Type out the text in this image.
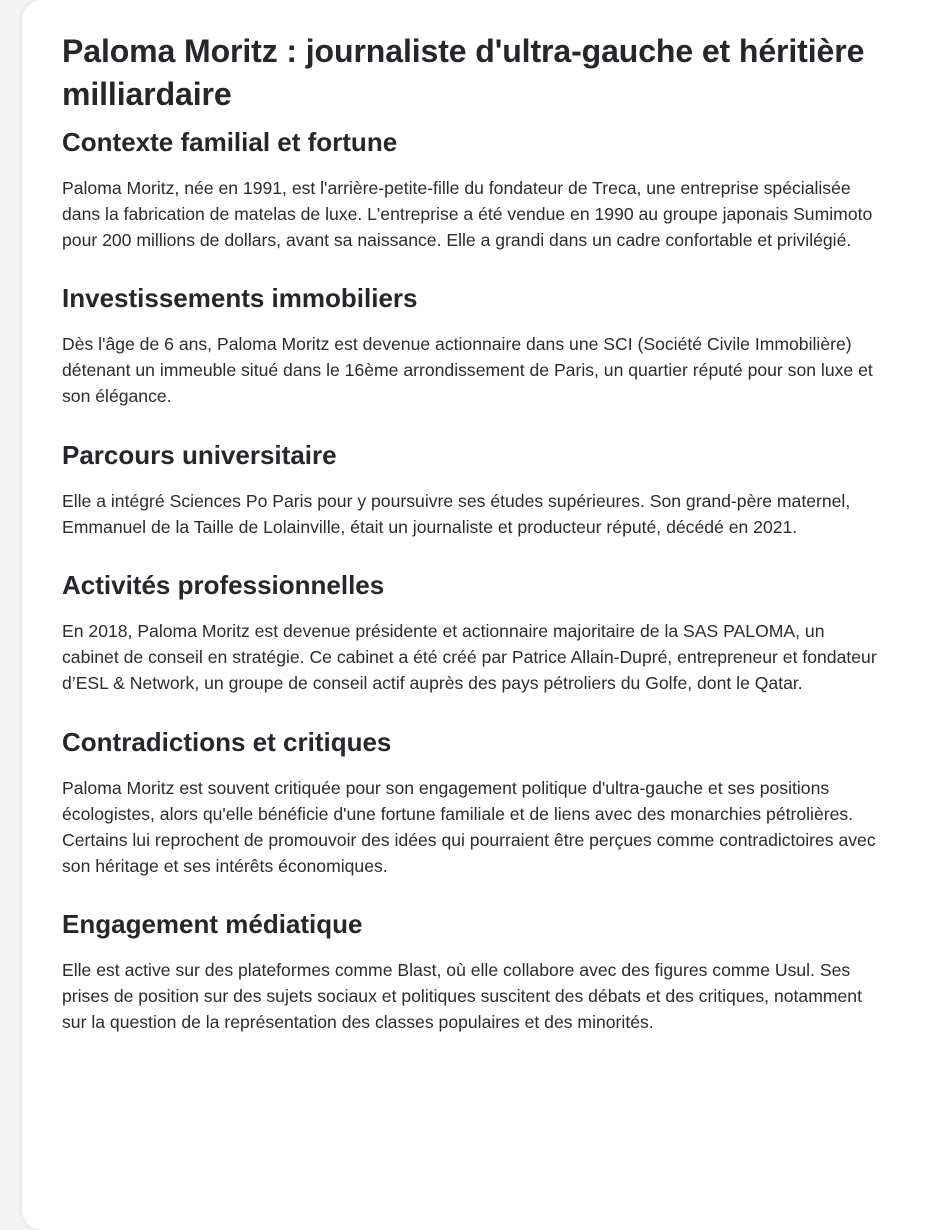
Paloma Moritz : journaliste d'ultra-gauche et héritière milliardaire
Contexte familial et fortune

Paloma Moritz, née en 1991, est l'arrière-petite-fille du fondateur de Treca, une entreprise spécialisée dans la fabrication de matelas de luxe. L'entreprise a été vendue en 1990 au groupe japonais Sumimoto pour 200 millions de dollars, avant sa naissance. Elle a grandi dans un cadre confortable et privilégié.

Investissements immobiliers

Dès l'âge de 6 ans, Paloma Moritz est devenue actionnaire dans une SCI (Société Civile Immobilière) détenant un immeuble situé dans le 16ème arrondissement de Paris, un quartier réputé pour son luxe et son élégance.

Parcours universitaire

Elle a intégré Sciences Po Paris pour y poursuivre ses études supérieures. Son grand-père maternel, Emmanuel de la Taille de Lolainville, était un journaliste et producteur réputé, décédé en 2021.

Activités professionnelles

En 2018, Paloma Moritz est devenue présidente et actionnaire majoritaire de la SAS PALOMA, un cabinet de conseil en stratégie. Ce cabinet a été créé par Patrice Allain-Dupré, entrepreneur et fondateur d’ESL & Network, un groupe de conseil actif auprès des pays pétroliers du Golfe, dont le Qatar.

Contradictions et critiques

Paloma Moritz est souvent critiquée pour son engagement politique d'ultra-gauche et ses positions écologistes, alors qu'elle bénéficie d'une fortune familiale et de liens avec des monarchies pétrolières. Certains lui reprochent de promouvoir des idées qui pourraient être perçues comme contradictoires avec son héritage et ses intérêts économiques.

Engagement médiatique

Elle est active sur des plateformes comme Blast, où elle collabore avec des figures comme Usul. Ses prises de position sur des sujets sociaux et politiques suscitent des débats et des critiques, notamment sur la question de la représentation des classes populaires et des minorités.
